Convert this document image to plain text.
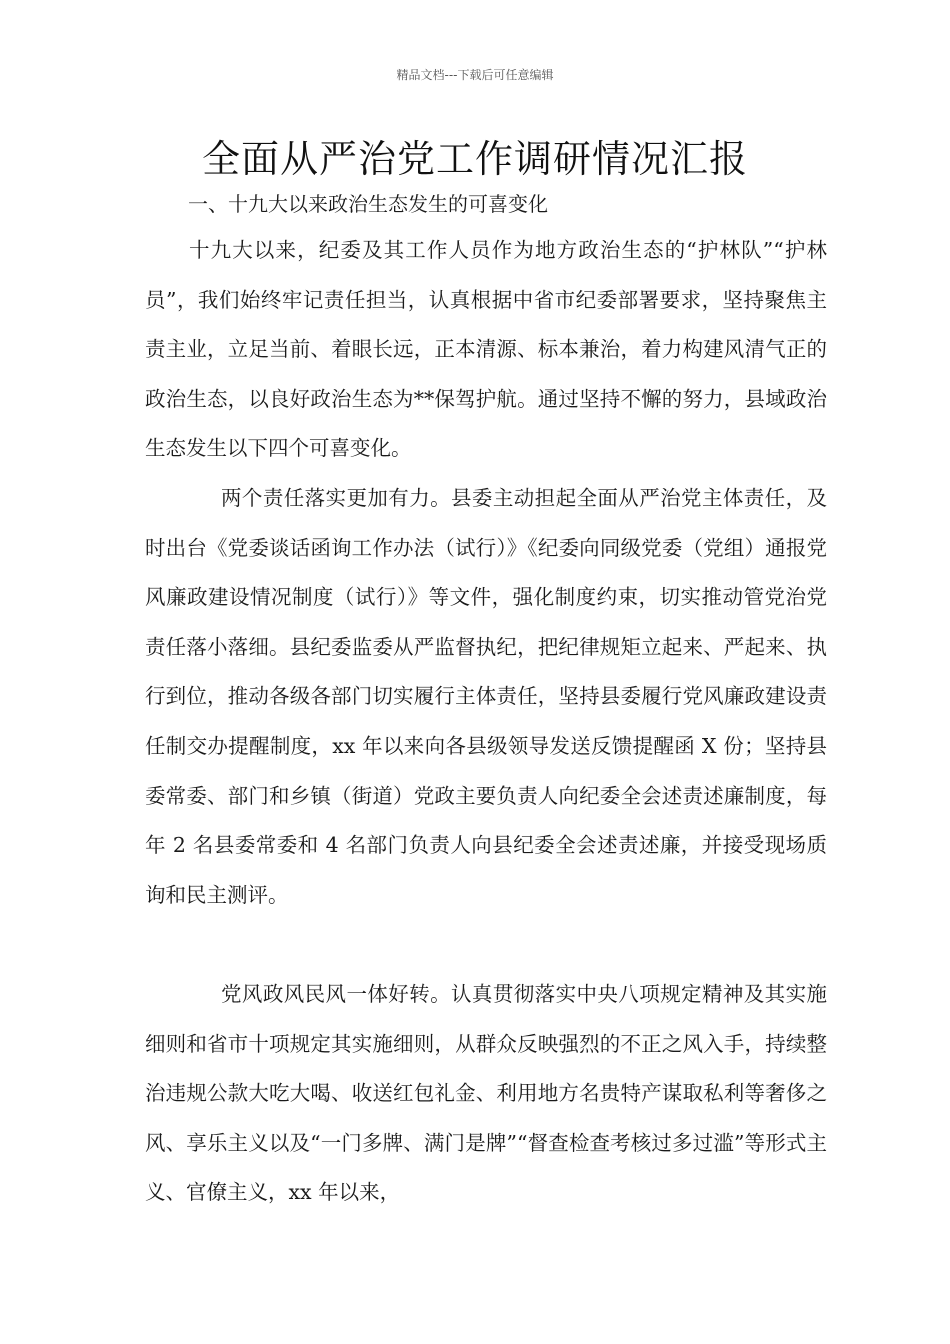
精品文档---下载后可任意编辑
全面从严治党工作调研情况汇报
一、十九大以来政治生态发生的可喜变化

十九大以来，纪委及其工作人员作为地方政治生态的“护林队”“护林员”，我们始终牢记责任担当，认真根据中省市纪委部署要求，坚持聚焦主责主业，立足当前、着眼长远，正本清源、标本兼治，着力构建风清气正的政治生态，以良好政治生态为**保驾护航。通过坚持不懈的努力，县域政治生态发生以下四个可喜变化。

两个责任落实更加有力。县委主动担起全面从严治党主体责任，及时出台《党委谈话函询工作办法（试行）》《纪委向同级党委（党组）通报党风廉政建设情况制度（试行）》等文件，强化制度约束，切实推动管党治党责任落小落细。县纪委监委从严监督执纪，把纪律规矩立起来、严起来、执行到位，推动各级各部门切实履行主体责任，坚持县委履行党风廉政建设责任制交办提醒制度，xx 年以来向各县级领导发送反馈提醒函 X 份；坚持县委常委、部门和乡镇（街道）党政主要负责人向纪委全会述责述廉制度，每年 2 名县委常委和 4 名部门负责人向县纪委全会述责述廉，并接受现场质询和民主测评。

党风政风民风一体好转。认真贯彻落实中央八项规定精神及其实施细则和省市十项规定其实施细则，从群众反映强烈的不正之风入手，持续整治违规公款大吃大喝、收送红包礼金、利用地方名贵特产谋取私利等奢侈之风、享乐主义以及“一门多牌、满门是牌”“督查检查考核过多过滥”等形式主义、官僚主义，xx 年以来，
